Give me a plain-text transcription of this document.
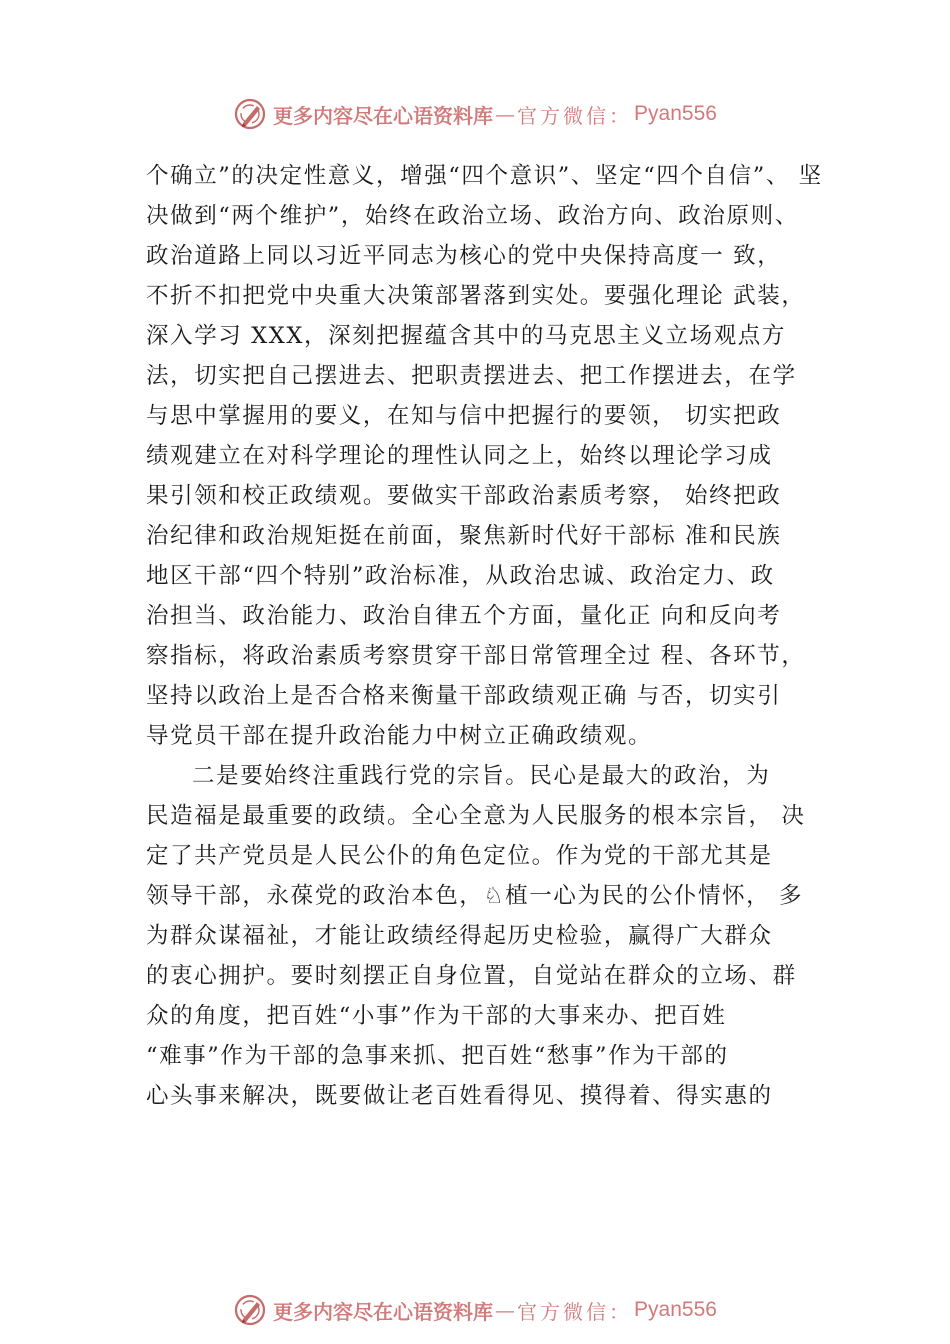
更多内容尽在心语资料库 — 官方微信： Pyan556
个确立”的决定性意义，增强“四个意识”、坚定“四个自信”、 坚
决做到“两个维护”，始终在政治立场、政治方向、政治原则、
政治道路上同以习近平同志为核心的党中央保持高度一 致，
不折不扣把党中央重大决策部署落到实处。要强化理论 武装，
深入学习 XXX，深刻把握蕴含其中的马克思主义立场观点方
法，切实把自己摆进去、把职责摆进去、把工作摆进去，在学
与思中掌握用的要义，在知与信中把握行的要领， 切实把政
绩观建立在对科学理论的理性认同之上，始终以理论学习成
果引领和校正政绩观。要做实干部政治素质考察， 始终把政
治纪律和政治规矩挺在前面，聚焦新时代好干部标 准和民族
地区干部“四个特别”政治标准，从政治忠诚、政治定力、政
治担当、政治能力、政治自律五个方面，量化正 向和反向考
察指标，将政治素质考察贯穿干部日常管理全过 程、各环节，
坚持以政治上是否合格来衡量干部政绩观正确 与否，切实引
导党员干部在提升政治能力中树立正确政绩观。
二是要始终注重践行党的宗旨。民心是最大的政治，为
民造福是最重要的政绩。全心全意为人民服务的根本宗旨， 决
定了共产党员是人民公仆的角色定位。作为党的干部尤其是
领导干部，永葆党的政治本色，♘植一心为民的公仆情怀， 多
为群众谋福祉，才能让政绩经得起历史检验，赢得广大群众
的衷心拥护。要时刻摆正自身位置，自觉站在群众的立场、群
众的角度，把百姓“小事”作为干部的大事来办、把百姓
“难事”作为干部的急事来抓、把百姓“愁事”作为干部的
心头事来解决，既要做让老百姓看得见、摸得着、得实惠的
更多内容尽在心语资料库 — 官方微信： Pyan556
